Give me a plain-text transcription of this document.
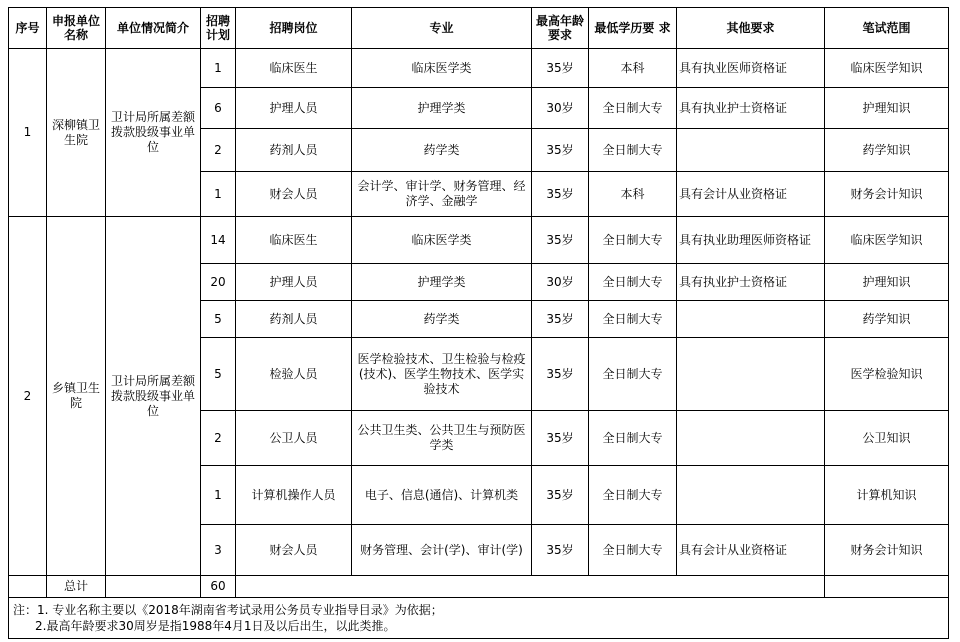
序号	申报单位名称	单位情况简介	招聘计划	招聘岗位	专业	最高年龄要求	最低学历要 求	其他要求	笔试范围
1	深柳镇卫生院	卫计局所属差额拨款股级事业单位	1	临床医生	临床医学类	35岁	本科	具有执业医师资格证	临床医学知识
			6	护理人员	护理学类	30岁	全日制大专	具有执业护士资格证	护理知识
			2	药剂人员	药学类	35岁	全日制大专		药学知识
			1	财会人员	会计学、审计学、财务管理、经济学、金融学	35岁	本科	具有会计从业资格证	财务会计知识
2	乡镇卫生院	卫计局所属差额拨款股级事业单位	14	临床医生	临床医学类	35岁	全日制大专	具有执业助理医师资格证	临床医学知识
			20	护理人员	护理学类	30岁	全日制大专	具有执业护士资格证	护理知识
			5	药剂人员	药学类	35岁	全日制大专		药学知识
			5	检验人员	医学检验技术、卫生检验与检疫(技术)、医学生物技术、医学实验技术	35岁	全日制大专		医学检验知识
			2	公卫人员	公共卫生类、公共卫生与预防医学类	35岁	全日制大专		公卫知识
			1	计算机操作人员	电子、信息(通信)、计算机类	35岁	全日制大专		计算机知识
			3	财会人员	财务管理、会计(学)、审计(学)	35岁	全日制大专	具有会计从业资格证	财务会计知识
	总计		60						

注：1. 专业名称主要以《2018年湖南省考试录用公务员专业指导目录》为依据；
2.最高年龄要求30周岁是指1988年4月1日及以后出生，以此类推。									
